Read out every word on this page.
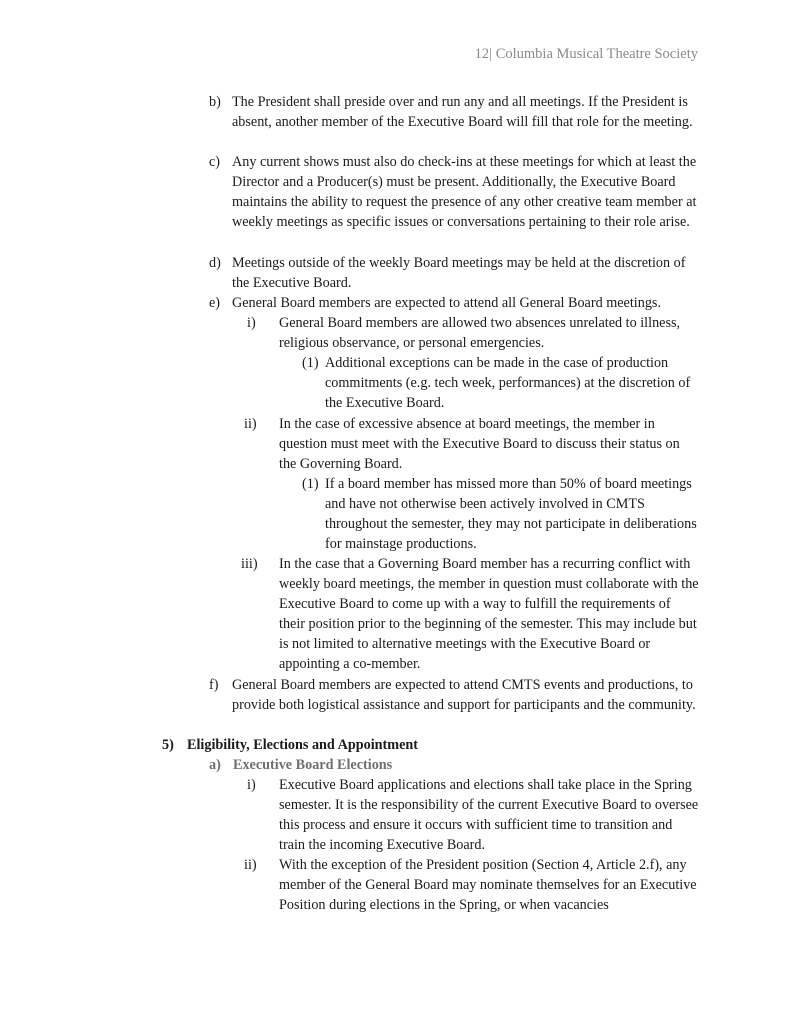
12| Columbia Musical Theatre Society
b) The President shall preside over and run any and all meetings. If the President is absent, another member of the Executive Board will fill that role for the meeting.
c) Any current shows must also do check-ins at these meetings for which at least the Director and a Producer(s) must be present. Additionally, the Executive Board maintains the ability to request the presence of any other creative team member at weekly meetings as specific issues or conversations pertaining to their role arise.
d) Meetings outside of the weekly Board meetings may be held at the discretion of the Executive Board.
e) General Board members are expected to attend all General Board meetings.
i) General Board members are allowed two absences unrelated to illness, religious observance, or personal emergencies.
(1) Additional exceptions can be made in the case of production commitments (e.g. tech week, performances) at the discretion of the Executive Board.
ii) In the case of excessive absence at board meetings, the member in question must meet with the Executive Board to discuss their status on the Governing Board.
(1) If a board member has missed more than 50% of board meetings and have not otherwise been actively involved in CMTS throughout the semester, they may not participate in deliberations for mainstage productions.
iii) In the case that a Governing Board member has a recurring conflict with weekly board meetings, the member in question must collaborate with the Executive Board to come up with a way to fulfill the requirements of their position prior to the beginning of the semester. This may include but is not limited to alternative meetings with the Executive Board or appointing a co-member.
f) General Board members are expected to attend CMTS events and productions, to provide both logistical assistance and support for participants and the community.
5) Eligibility, Elections and Appointment
a) Executive Board Elections
i) Executive Board applications and elections shall take place in the Spring semester. It is the responsibility of the current Executive Board to oversee this process and ensure it occurs with sufficient time to transition and train the incoming Executive Board.
ii) With the exception of the President position (Section 4, Article 2.f), any member of the General Board may nominate themselves for an Executive Position during elections in the Spring, or when vacancies
